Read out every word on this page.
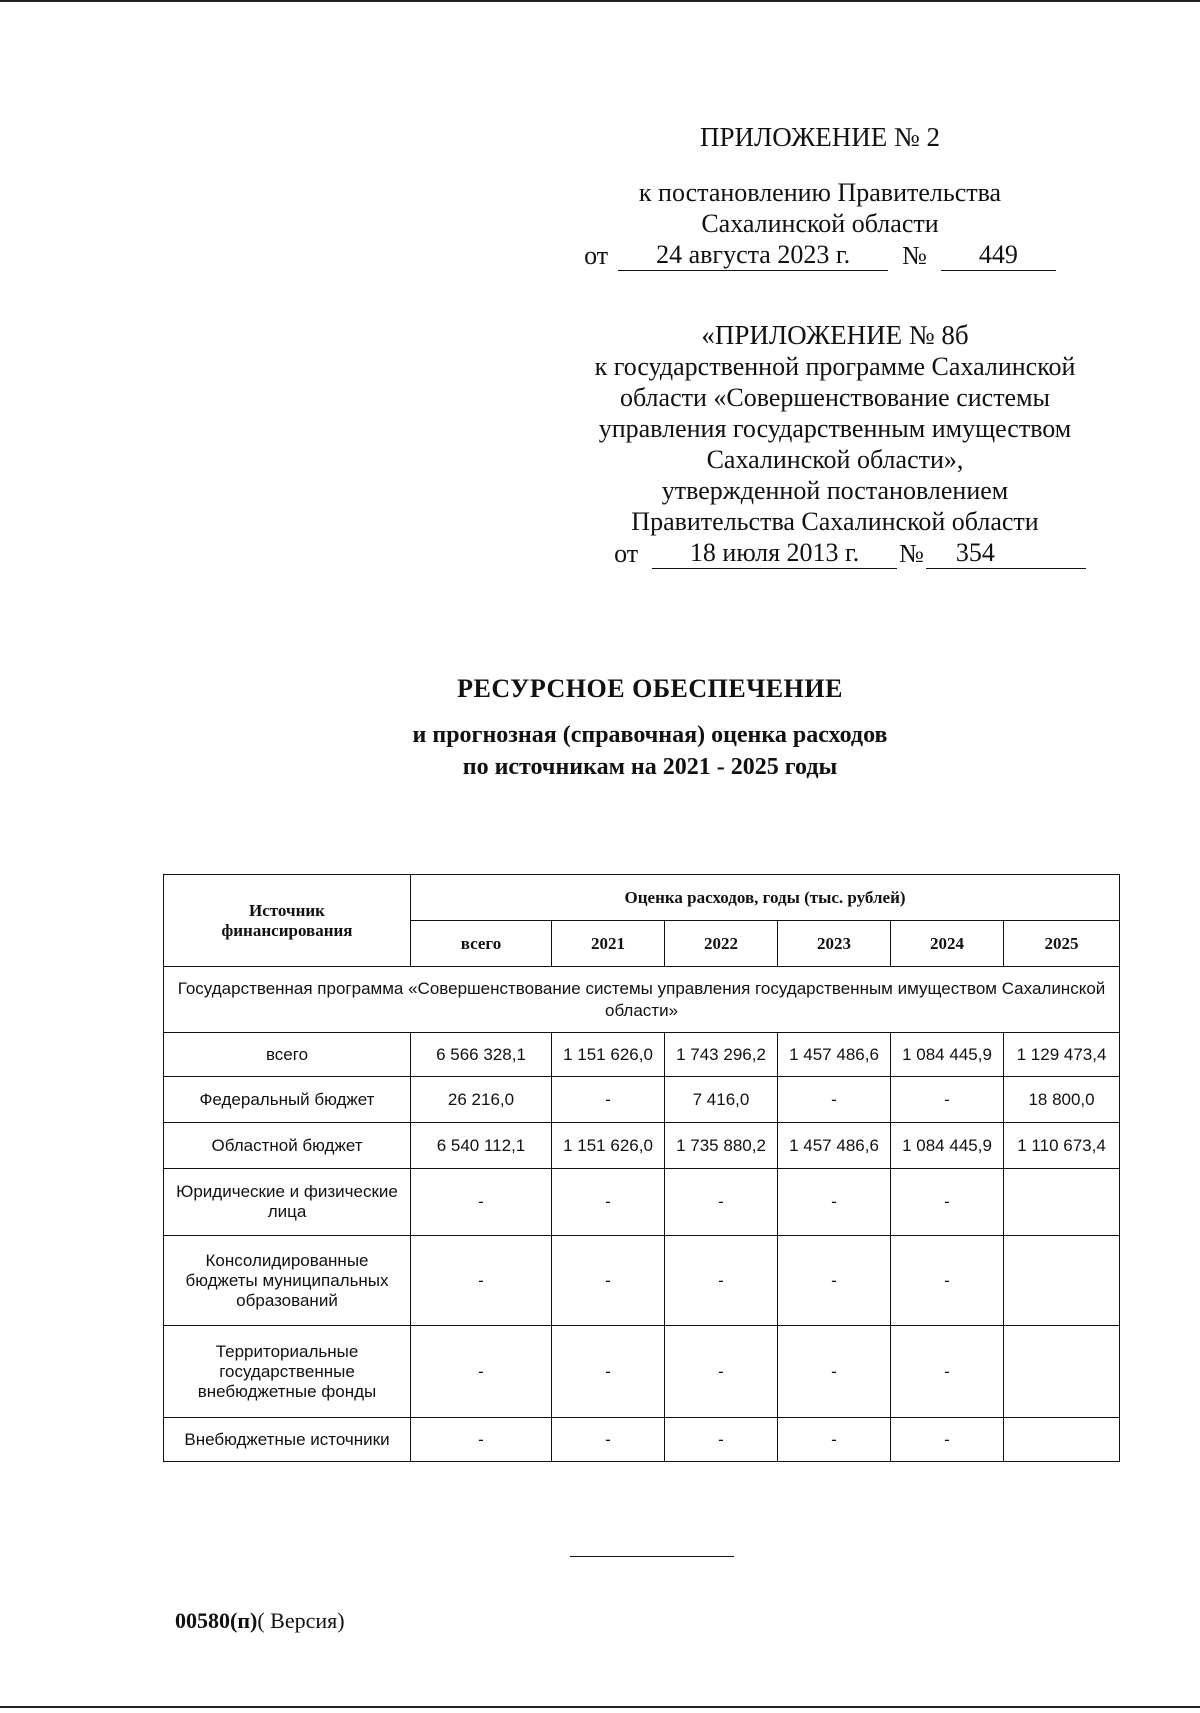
ПРИЛОЖЕНИЕ № 2
к постановлению Правительства
Сахалинской области
от	24 августа 2023 г.	№	449
«ПРИЛОЖЕНИЕ № 8б
к государственной программе Сахалинской
области «Совершенствование системы
управления государственным имуществом
Сахалинской области»,
утвержденной постановлением
Правительства Сахалинской области
от	18 июля 2013 г.	№	354
РЕСУРСНОЕ ОБЕСПЕЧЕНИЕ
и прогнозная (справочная) оценка расходов
по источникам на 2021 - 2025 годы
Источник финансирования	Оценка расходов, годы (тыс. рублей)					
	всего	2021	2022	2023	2024	2025
Государственная программа «Совершенствование системы управления государственным имуществом Сахалинской области»						
всего	6 566 328,1	1 151 626,0	1 743 296,2	1 457 486,6	1 084 445,9	1 129 473,4
Федеральный бюджет	26 216,0	-	7 416,0	-	-	18 800,0
Областной бюджет	6 540 112,1	1 151 626,0	1 735 880,2	1 457 486,6	1 084 445,9	1 110 673,4
Юридические и физические лица	-	-	-	-	-	
Консолидированные бюджеты муниципальных образований	-	-	-	-	-	
Территориальные государственные внебюджетные фонды	-	-	-	-	-	
Внебюджетные источники	-	-	-	-	-	
00580(п)( Версия)
